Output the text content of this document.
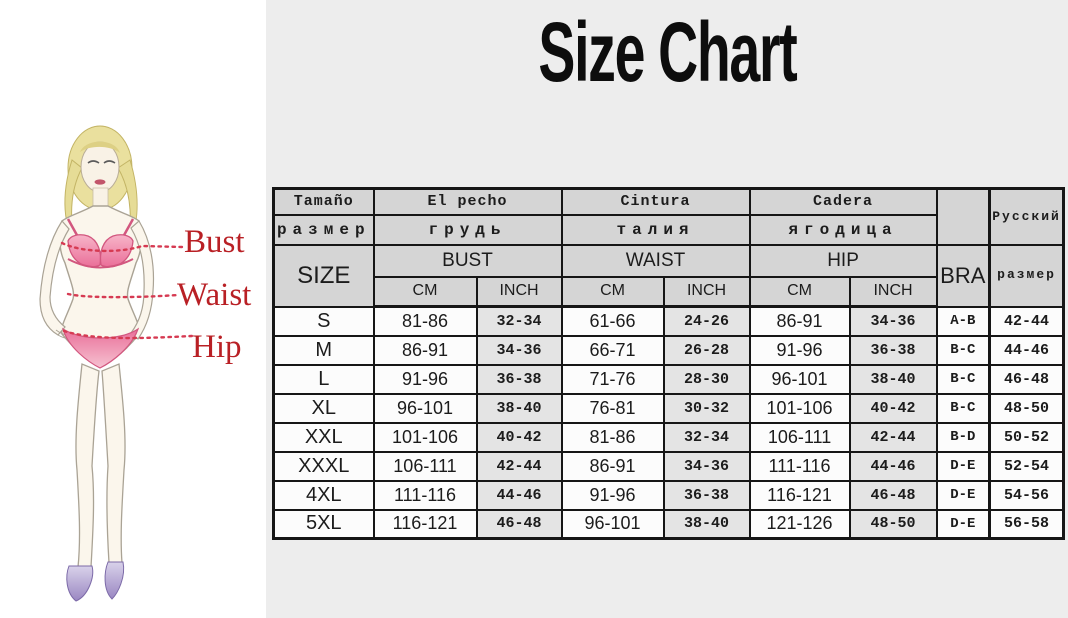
Bust
Waist
Hip
Size Chart
Tamaño	El pecho		Cintura		Cadera			Русский
размер	грудь		талия		ягодица			
SIZE	BUST		WAIST		HIP		BRA	размер
	CM	INCH	CM	INCH	CM	INCH		
S	81-86	32-34	61-66	24-26	86-91	34-36	A-B	42-44
M	86-91	34-36	66-71	26-28	91-96	36-38	B-C	44-46
L	91-96	36-38	71-76	28-30	96-101	38-40	B-C	46-48
XL	96-101	38-40	76-81	30-32	101-106	40-42	B-C	48-50
XXL	101-106	40-42	81-86	32-34	106-111	42-44	B-D	50-52
XXXL	106-111	42-44	86-91	34-36	111-116	44-46	D-E	52-54
4XL	111-116	44-46	91-96	36-38	116-121	46-48	D-E	54-56
5XL	116-121	46-48	96-101	38-40	121-126	48-50	D-E	56-58
